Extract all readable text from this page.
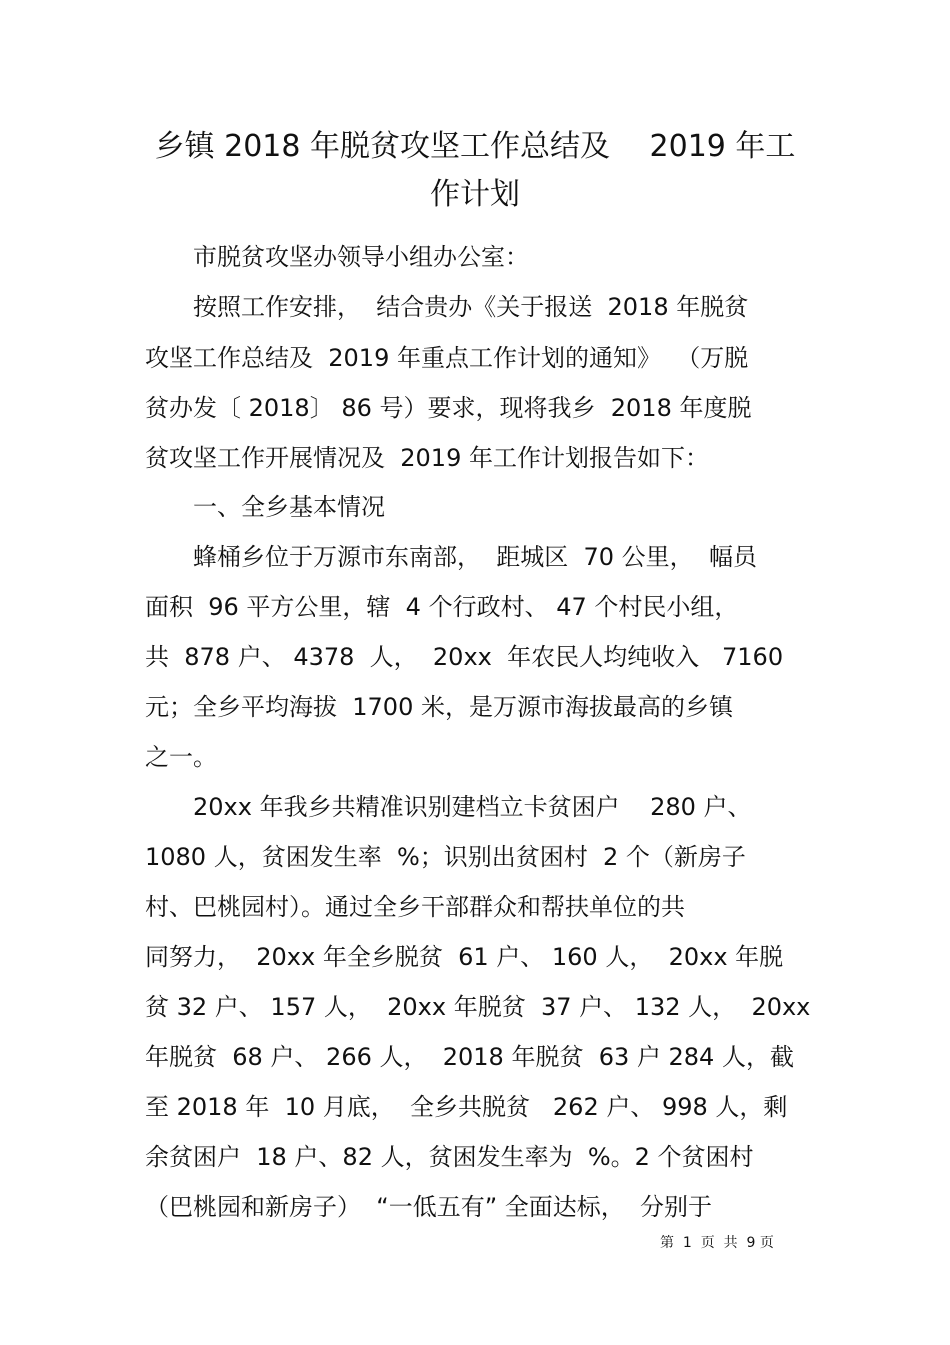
乡镇 2018 年脱贫攻坚工作总结及　 2019 年工
作计划
　　市脱贫攻坚办领导小组办公室：
　　按照工作安排，  结合贵办《关于报送  2018 年脱贫
攻坚工作总结及  2019 年重点工作计划的通知》  （万脱
贫办发〔 2018〕 86 号）要求，现将我乡  2018 年度脱
贫攻坚工作开展情况及  2019 年工作计划报告如下：
　　一、全乡基本情况
　　蜂桶乡位于万源市东南部，  距城区  70 公里，  幅员
面积  96 平方公里，辖  4 个行政村、 47 个村民小组，
共  878 户、 4378  人，  20xx  年农民人均纯收入   7160
元；全乡平均海拔  1700 米，是万源市海拔最高的乡镇
之一。
　　20xx 年我乡共精准识别建档立卡贫困户    280 户、
1080 人，贫困发生率  %；识别出贫困村  2 个（新房子
村、巴桃园村）。通过全乡干部群众和帮扶单位的共
同努力，  20xx 年全乡脱贫  61 户、 160 人，  20xx 年脱
贫 32 户、 157 人，  20xx 年脱贫  37 户、 132 人，  20xx
年脱贫  68 户、 266 人，  2018 年脱贫  63 户 284 人，截
至 2018 年  10 月底，  全乡共脱贫   262 户、 998 人，剩
余贫困户  18 户、82 人，贫困发生率为  %。2 个贫困村
（巴桃园和新房子）  “一低五有” 全面达标，  分别于
第  1  页  共  9 页
